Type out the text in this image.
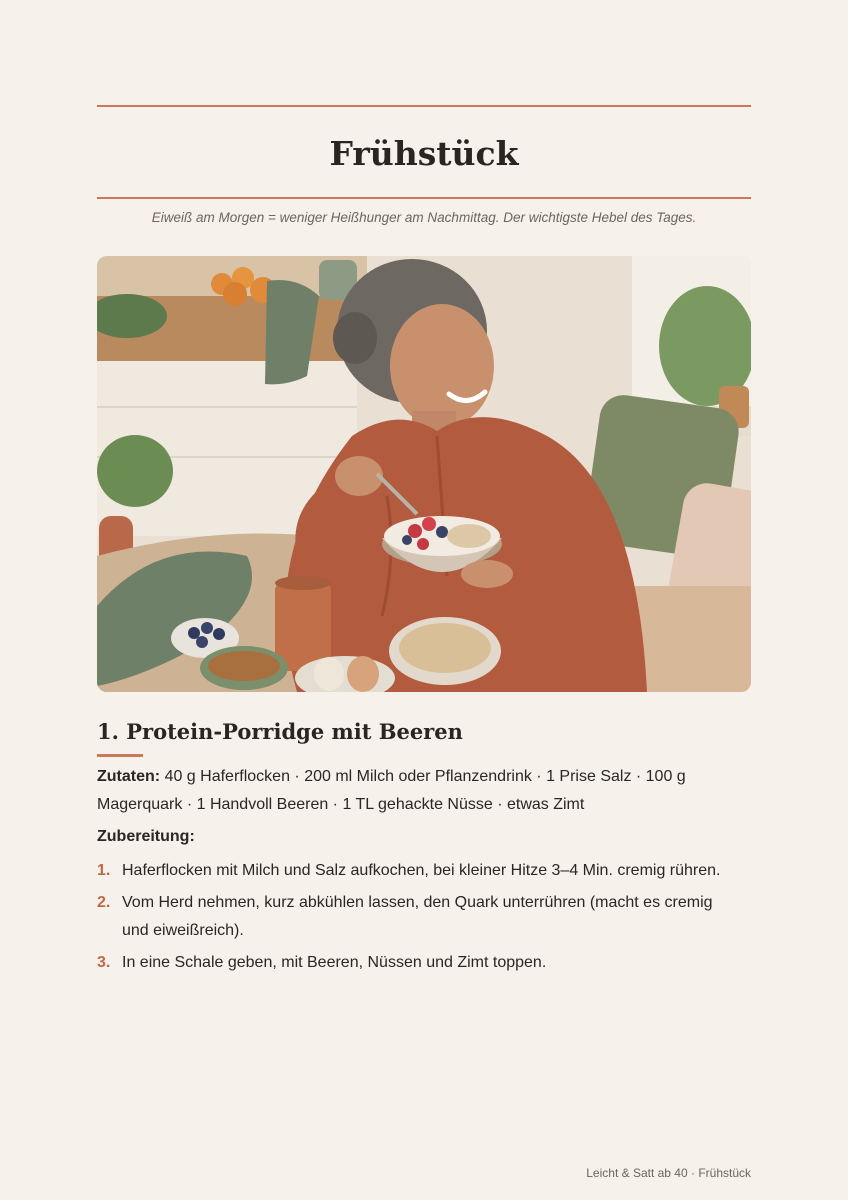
Frühstück

Eiweiß am Morgen = weniger Heißhunger am Nachmittag. Der wichtigste Hebel des Tages.

1. Protein-Porridge mit Beeren

Zutaten: 40 g Haferflocken · 200 ml Milch oder Pflanzendrink · 1 Prise Salz · 100 g Magerquark · 1 Handvoll Beeren · 1 TL gehackte Nüsse · etwas Zimt

Zubereitung:

1. Haferflocken mit Milch und Salz aufkochen, bei kleiner Hitze 3–4 Min. cremig rühren.
2. Vom Herd nehmen, kurz abkühlen lassen, den Quark unterrühren (macht es cremig und eiweißreich).
3. In eine Schale geben, mit Beeren, Nüssen und Zimt toppen.

Leicht & Satt ab 40 · Frühstück
